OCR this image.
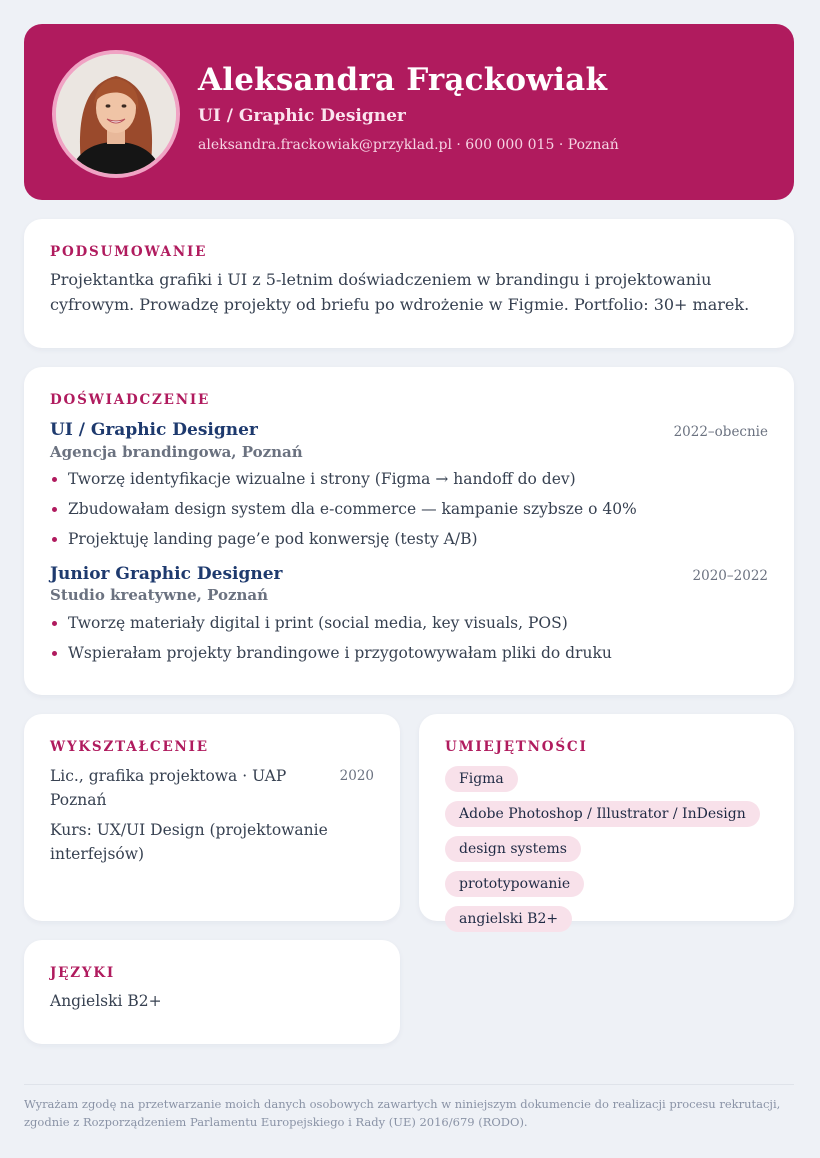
Aleksandra Frąckowiak
UI / Graphic Designer
aleksandra.frackowiak@przyklad.pl · 600 000 015 · Poznań
PODSUMOWANIE
Projektantka grafiki i UI z 5-letnim doświadczeniem w brandingu i projektowaniu cyfrowym. Prowadzę projekty od briefu po wdrożenie w Figmie. Portfolio: 30+ marek.
DOŚWIADCZENIE
UI / Graphic Designer	2022–obecnie
Agencja brandingowa, Poznań
Tworzę identyfikacje wizualne i strony (Figma → handoff do dev)
Zbudowałam design system dla e-commerce — kampanie szybsze o 40%
Projektuję landing page’e pod konwersję (testy A/B)
Junior Graphic Designer	2020–2022
Studio kreatywne, Poznań
Tworzę materiały digital i print (social media, key visuals, POS)
Wspierałam projekty brandingowe i przygotowywałam pliki do druku
WYKSZTAŁCENIE
Lic., grafika projektowa · UAP Poznań
2020
Kurs: UX/UI Design (projektowanie interfejsów)
UMIEJĘTNOŚCI
Figma
Adobe Photoshop / Illustrator / InDesign
design systems
prototypowanie
angielski B2+
JĘZYKI
Angielski B2+
Wyrażam zgodę na przetwarzanie moich danych osobowych zawartych w niniejszym dokumencie do realizacji procesu rekrutacji, zgodnie z Rozporządzeniem Parlamentu Europejskiego i Rady (UE) 2016/679 (RODO).
